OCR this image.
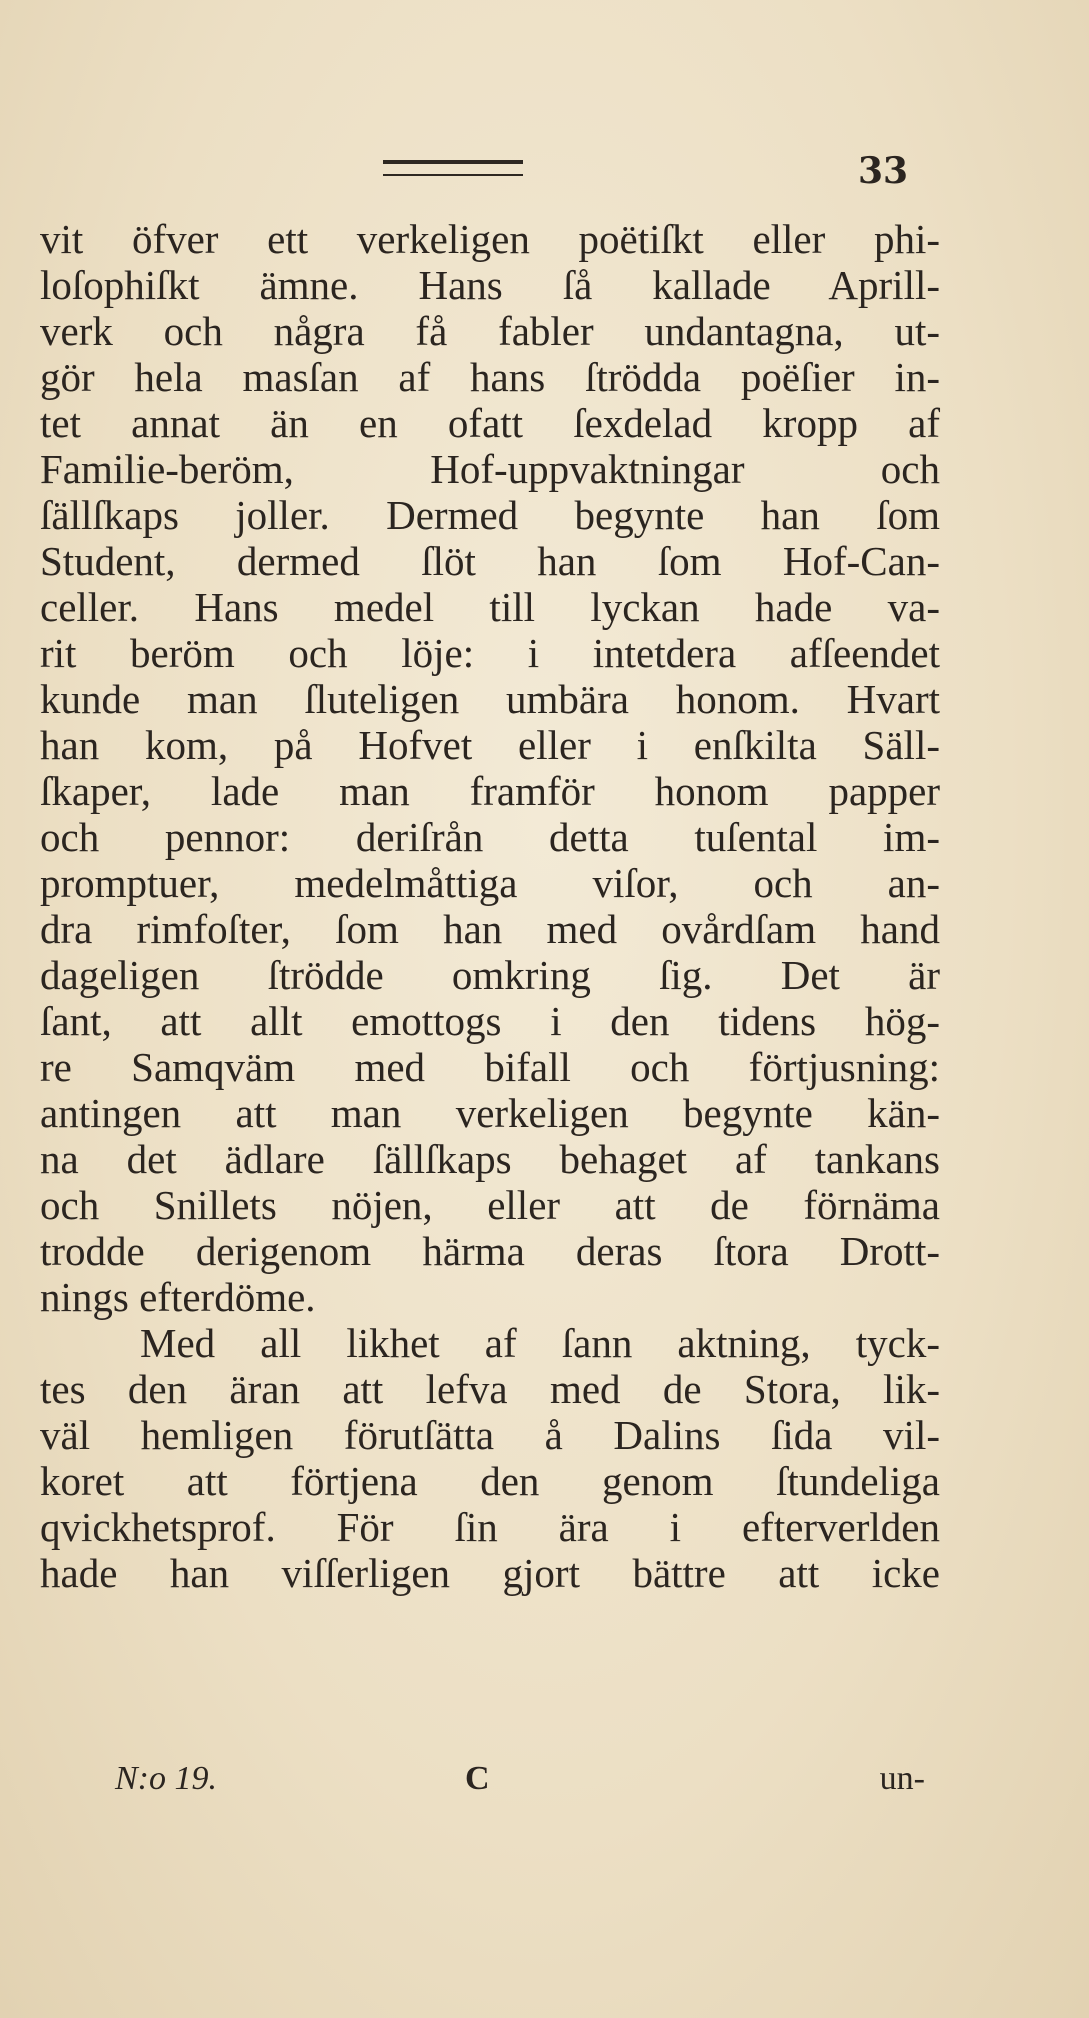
33
vit öfver ett verkeligen poëtiſkt eller phi-
loſophiſkt ämne. Hans ſå kallade Aprill-
verk och några få fabler undantagna, ut-
gör hela masſan af hans ſtrödda poëſier in-
tet annat än en ofatt ſexdelad kropp af
Familie-beröm, Hof-uppvaktningar och
ſällſkaps joller. Dermed begynte han ſom
Student, dermed ſlöt han ſom Hof-Can-
celler. Hans medel till lyckan hade va-
rit beröm och löje: i intetdera afſeendet
kunde man ſluteligen umbära honom. Hvart
han kom, på Hofvet eller i enſkilta Säll-
ſkaper, lade man framför honom papper
och pennor: deriſrån detta tuſental im-
promptuer, medelmåttiga viſor, och an-
dra rimfoſter, ſom han med ovårdſam hand
dageligen ſtrödde omkring ſig. Det är
ſant, att allt emottogs i den tidens hög-
re Samqväm med bifall och förtjusning:
antingen att man verkeligen begynte kän-
na det ädlare ſällſkaps behaget af tankans
och Snillets nöjen, eller att de förnäma
trodde derigenom härma deras ſtora Drott-
nings efterdöme.
Med all likhet af ſann aktning, tyck-
tes den äran att lefva med de Stora, lik-
väl hemligen förutſätta å Dalins ſida vil-
koret att förtjena den genom ſtundeliga
qvickhetsprof. För ſin ära i efterverlden
hade han viſſerligen gjort bättre att icke
N:o 19.	C	un-
